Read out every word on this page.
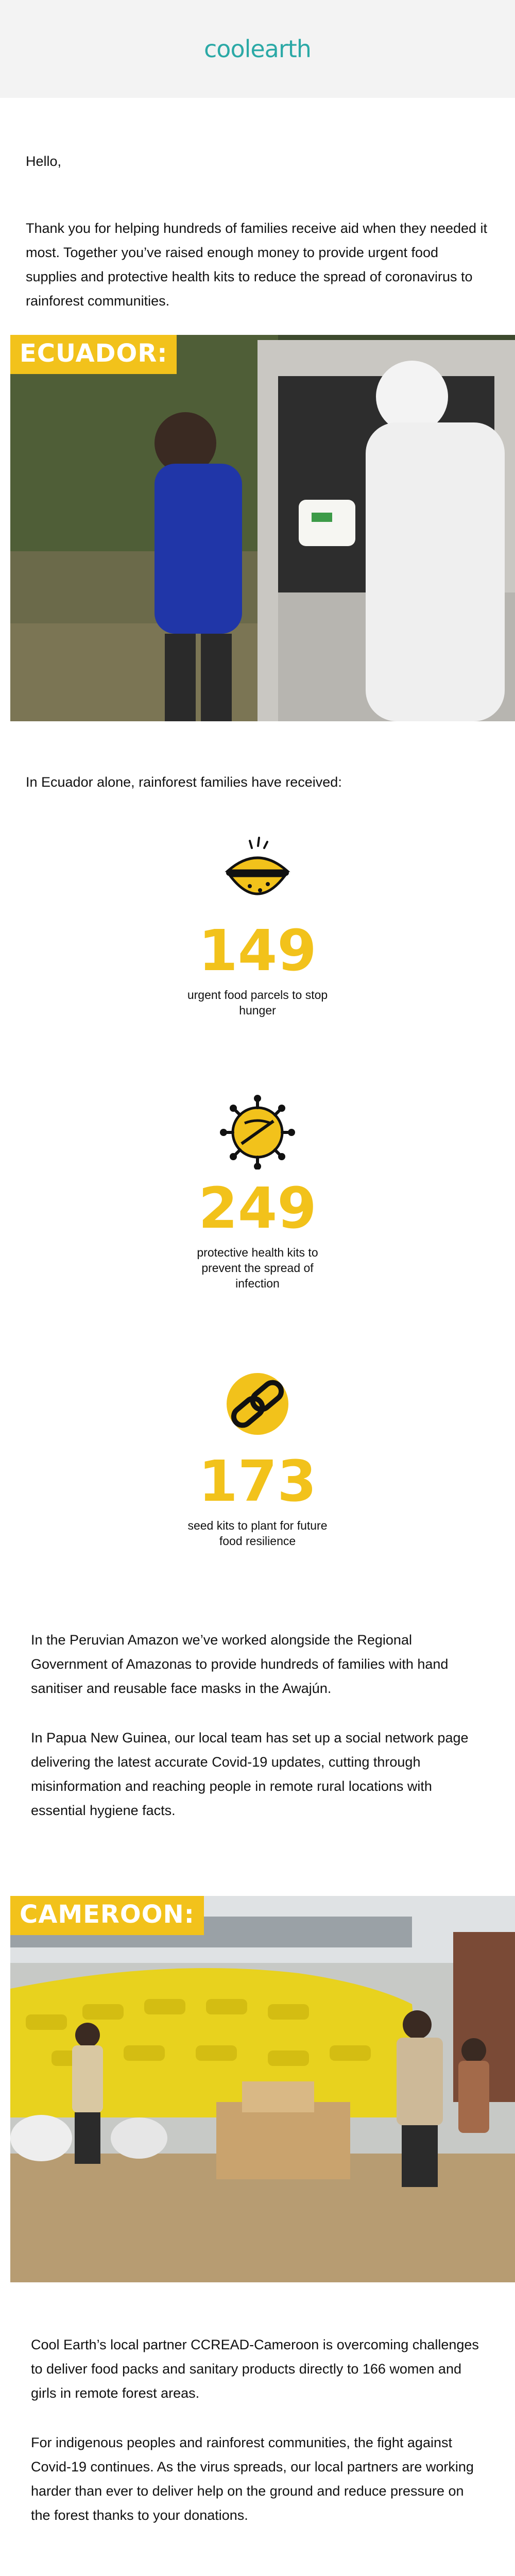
coolearth
Hello,
Thank you for helping hundreds of families receive aid when they needed it most. Together you’ve raised enough money to provide urgent food supplies and protective health kits to reduce the spread of coronavirus to rainforest communities.
ECUADOR:
In Ecuador alone, rainforest families have received:
149
urgent food parcels to stop hunger
249
protective health kits to prevent the spread of infection
173
seed kits to plant for future food resilience
In the Peruvian Amazon we’ve worked alongside the Regional Government of Amazonas to provide hundreds of families with hand sanitiser and reusable face masks in the Awajún.
In Papua New Guinea, our local team has set up a social network page delivering the latest accurate Covid-19 updates, cutting through misinformation and reaching people in remote rural locations with essential hygiene facts.
CAMEROON:
Cool Earth’s local partner CCREAD-Cameroon is overcoming challenges to deliver food packs and sanitary products directly to 166 women and girls in remote forest areas.
For indigenous peoples and rainforest communities, the fight against Covid-19 continues. As the virus spreads, our local partners are working harder than ever to deliver help on the ground and reduce pressure on the forest thanks to your donations.
